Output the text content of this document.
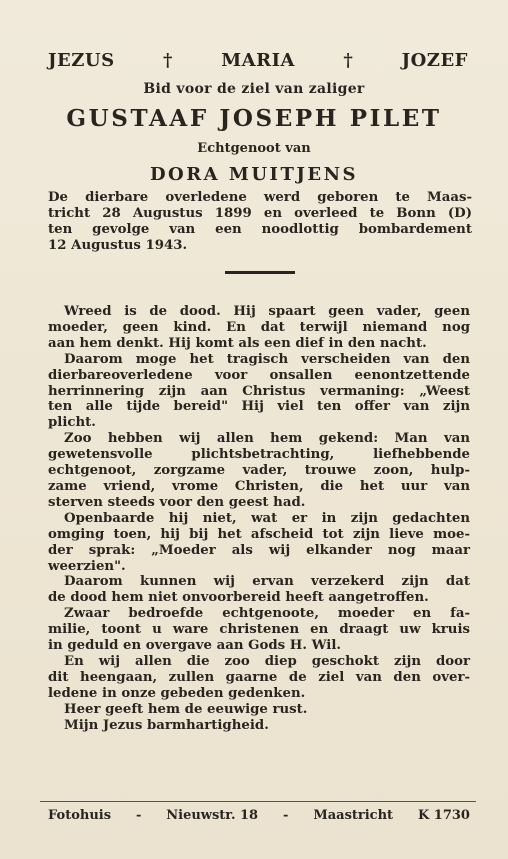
JEZUS	†	MARIA	†	JOZEF
Bid voor de ziel van zaliger
GUSTAAF JOSEPH PILET
Echtgenoot van
DORA MUITJENS
De dierbare overledene werd geboren te Maas-
tricht 28 Augustus 1899 en overleed te Bonn (D)
ten gevolge van een noodlottig bombardement
12 Augustus 1943.
Wreed is de dood. Hij spaart geen vader, geen
moeder, geen kind. En dat terwijl niemand nog
aan hem denkt. Hij komt als een dief in den nacht.
Daarom moge het tragisch verscheiden van den
dierbareoverledene voor onsallen eenontzettende
herrinnering zijn aan Christus vermaning: „Weest
ten alle tijde bereid" Hij viel ten offer van zijn
plicht.
Zoo hebben wij allen hem gekend: Man van
gewetensvolle plichtsbetrachting, liefhebbende
echtgenoot, zorgzame vader, trouwe zoon, hulp-
zame vriend, vrome Christen, die het uur van
sterven steeds voor den geest had.
Openbaarde hij niet, wat er in zijn gedachten
omging toen, hij bij het afscheid tot zijn lieve moe-
der sprak: „Moeder als wij elkander nog maar
weerzien".
Daarom kunnen wij ervan verzekerd zijn dat
de dood hem niet onvoorbereid heeft aangetroffen.
Zwaar bedroefde echtgenoote, moeder en fa-
milie, toont u ware christenen en draagt uw kruis
in geduld en overgave aan Gods H. Wil.
En wij allen die zoo diep geschokt zijn door
dit heengaan, zullen gaarne de ziel van den over-
ledene in onze gebeden gedenken.
Heer geeft hem de eeuwige rust.
Mijn Jezus barmhartigheid.
Fotohuis - Nieuwstr. 18 - Maastricht K 1730
